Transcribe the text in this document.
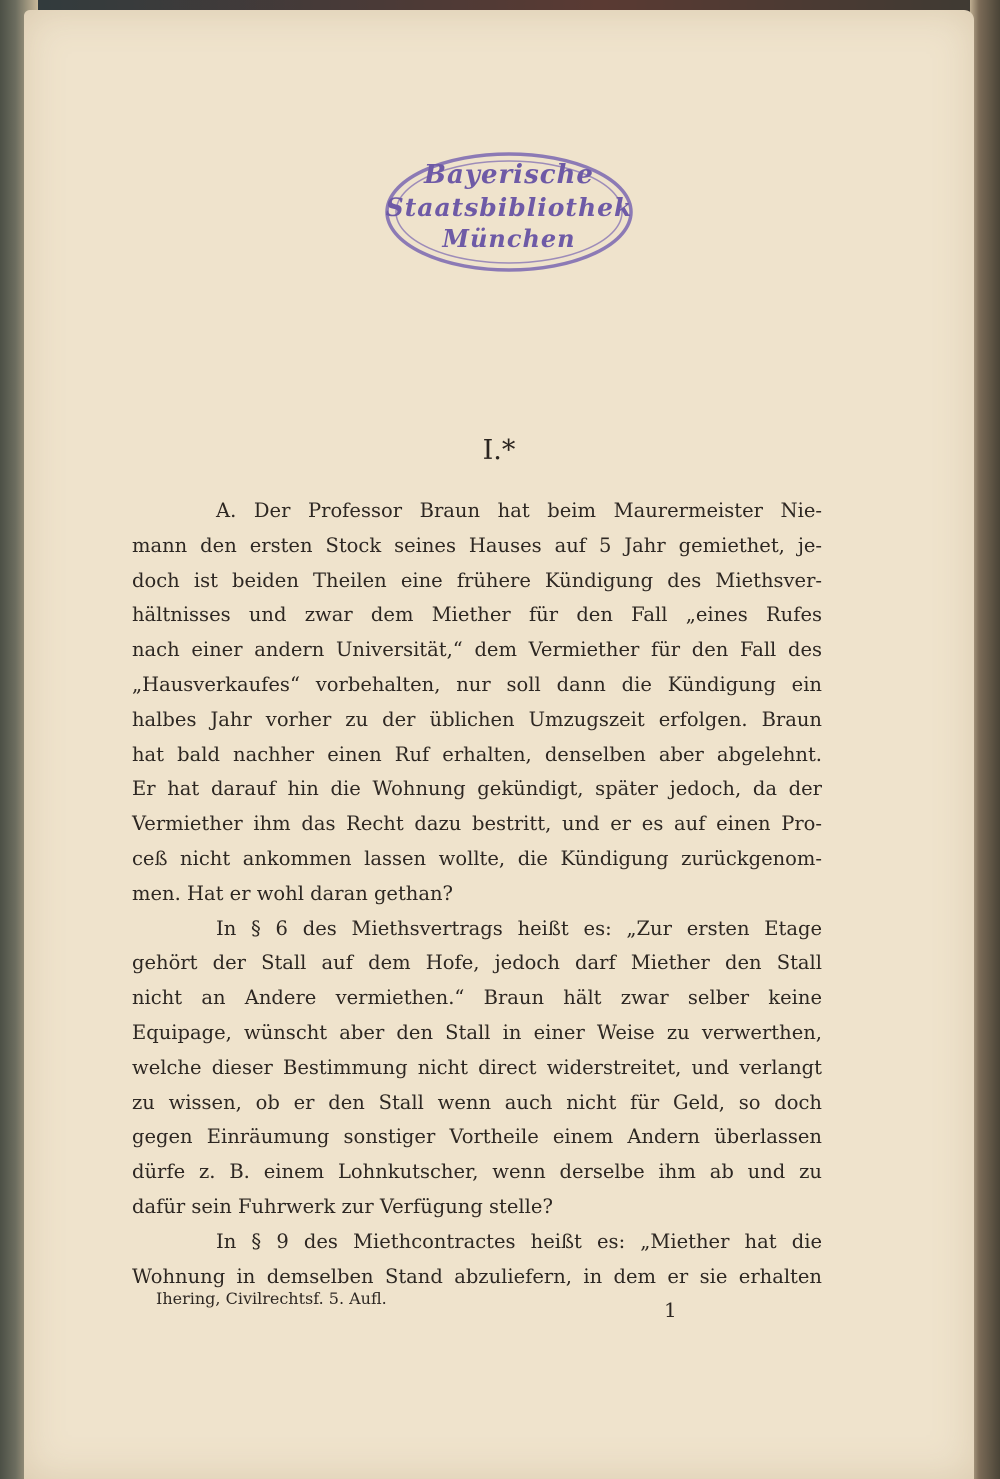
Bayerische
Staatsbibliothek
München
I.*
A. Der Professor Braun hat beim Maurermeister Nie-
mann den ersten Stock seines Hauses auf 5 Jahr gemiethet, je-
doch ist beiden Theilen eine frühere Kündigung des Miethsver-
hältnisses und zwar dem Miether für den Fall „eines Rufes
nach einer andern Universität,“ dem Vermiether für den Fall des
„Hausverkaufes“ vorbehalten, nur soll dann die Kündigung ein
halbes Jahr vorher zu der üblichen Umzugszeit erfolgen. Braun
hat bald nachher einen Ruf erhalten, denselben aber abgelehnt.
Er hat darauf hin die Wohnung gekündigt, später jedoch, da der
Vermiether ihm das Recht dazu bestritt, und er es auf einen Pro-
ceß nicht ankommen lassen wollte, die Kündigung zurückgenom-
men. Hat er wohl daran gethan?
In § 6 des Miethsvertrags heißt es: „Zur ersten Etage
gehört der Stall auf dem Hofe, jedoch darf Miether den Stall
nicht an Andere vermiethen.“ Braun hält zwar selber keine
Equipage, wünscht aber den Stall in einer Weise zu verwerthen,
welche dieser Bestimmung nicht direct widerstreitet, und verlangt
zu wissen, ob er den Stall wenn auch nicht für Geld, so doch
gegen Einräumung sonstiger Vortheile einem Andern überlassen
dürfe z. B. einem Lohnkutscher, wenn derselbe ihm ab und zu
dafür sein Fuhrwerk zur Verfügung stelle?
In § 9 des Miethcontractes heißt es: „Miether hat die
Wohnung in demselben Stand abzuliefern, in dem er sie erhalten
Ihering, Civilrechtsf. 5. Aufl.	1
